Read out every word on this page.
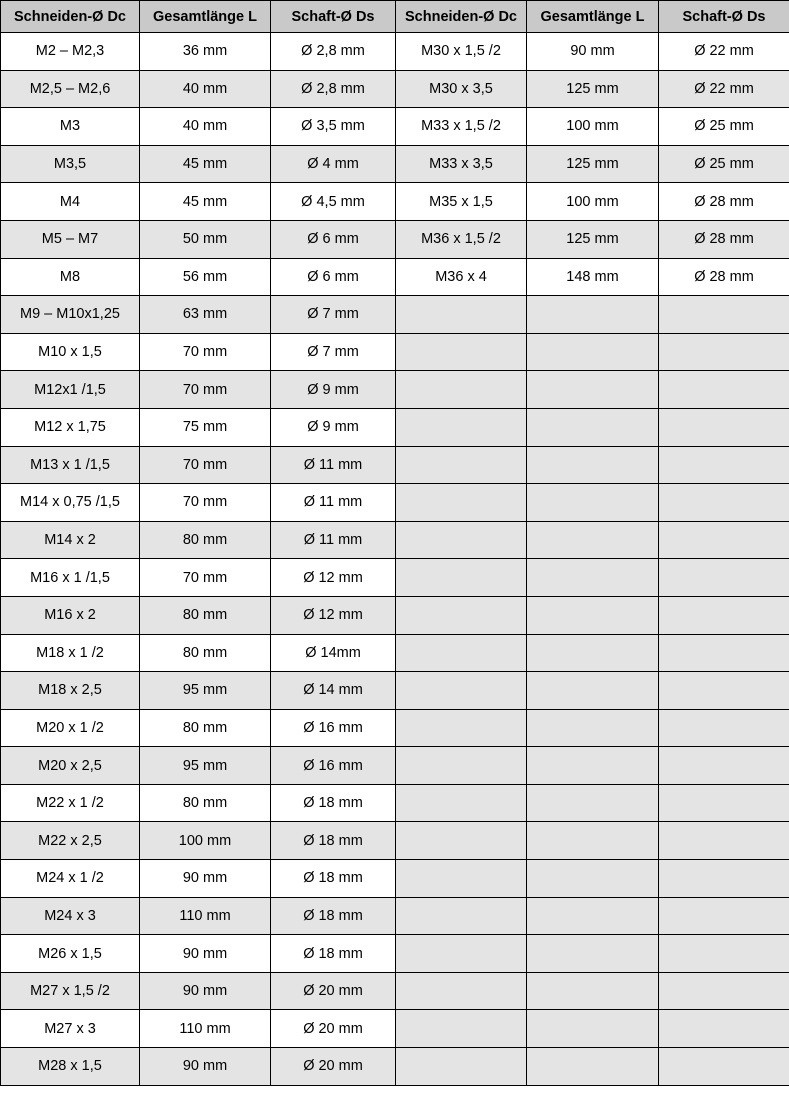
Schneiden-Ø Dc	Gesamtlänge L	Schaft-Ø Ds	Schneiden-Ø Dc	Gesamtlänge L	Schaft-Ø Ds
M2 – M2,3	36 mm	Ø 2,8 mm	M30 x 1,5 /2	90 mm	Ø 22 mm
M2,5 – M2,6	40 mm	Ø 2,8 mm	M30 x 3,5	125 mm	Ø 22 mm
M3	40 mm	Ø 3,5 mm	M33 x 1,5 /2	100 mm	Ø 25 mm
M3,5	45 mm	Ø 4 mm	M33 x 3,5	125 mm	Ø 25 mm
M4	45 mm	Ø 4,5 mm	M35 x 1,5	100 mm	Ø 28 mm
M5 – M7	50 mm	Ø 6 mm	M36 x 1,5 /2	125 mm	Ø 28 mm
M8	56 mm	Ø 6 mm	M36 x 4	148 mm	Ø 28 mm
M9 – M10x1,25	63 mm	Ø 7 mm			
M10 x 1,5	70 mm	Ø 7 mm			
M12x1 /1,5	70 mm	Ø 9 mm			
M12 x 1,75	75 mm	Ø 9 mm			
M13 x 1 /1,5	70 mm	Ø 11 mm			
M14 x 0,75 /1,5	70 mm	Ø 11 mm			
M14 x 2	80 mm	Ø 11 mm			
M16 x 1 /1,5	70 mm	Ø 12 mm			
M16 x 2	80 mm	Ø 12 mm			
M18 x 1 /2	80 mm	Ø 14mm			
M18 x 2,5	95 mm	Ø 14 mm			
M20 x 1 /2	80 mm	Ø 16 mm			
M20 x 2,5	95 mm	Ø 16 mm			
M22 x 1 /2	80 mm	Ø 18 mm			
M22 x 2,5	100 mm	Ø 18 mm			
M24 x 1 /2	90 mm	Ø 18 mm			
M24 x 3	110 mm	Ø 18 mm			
M26 x 1,5	90 mm	Ø 18 mm			
M27 x 1,5 /2	90 mm	Ø 20 mm			
M27 x 3	110 mm	Ø 20 mm			
M28 x 1,5	90 mm	Ø 20 mm			
